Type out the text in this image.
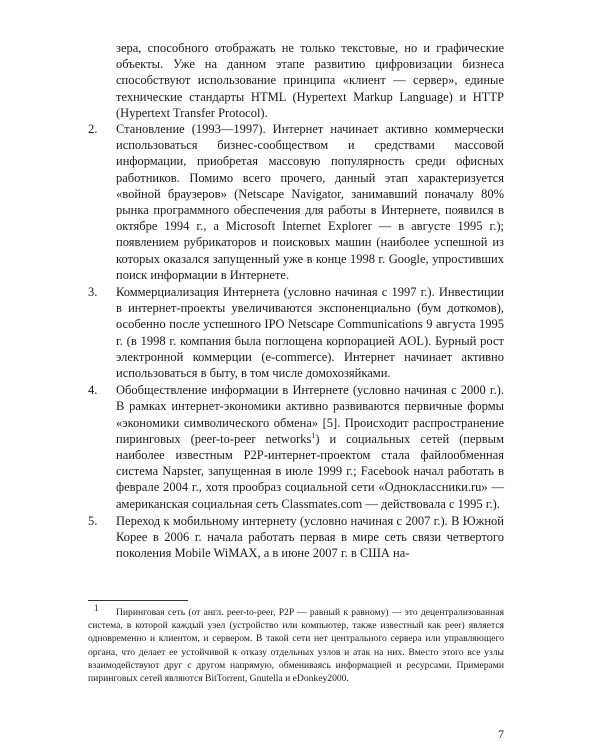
зера, способного отображать не только текстовые, но и графические объекты. Уже на данном этапе развитию цифровизации бизнеса способствуют использование принципа «клиент — сервер», единые технические стандарты HTML (Hypertext Markup Language) и HTTP (Hypertext Transfer Protocol).

2.	Становление (1993—1997). Интернет начинает активно коммерчески использоваться бизнес-сообществом и средствами массовой информации, приобретая массовую популярность среди офисных работников. Помимо всего прочего, данный этап характеризуется «войной браузеров» (Netscape Navigator, занимавший поначалу 80% рынка программного обеспечения для работы в Интернете, появился в октябре 1994 г., а Microsoft Internet Explorer — в августе 1995 г.); появлением рубрикаторов и поисковых машин (наиболее успешной из которых оказался запущенный уже в конце 1998 г. Google, упростивших поиск информации в Интернете.
3.	Коммерциализация Интернета (условно начиная с 1997 г.). Инвестиции в интернет-проекты увеличиваются экспоненциально (бум доткомов), особенно после успешного IPO Netscape Communications 9 августа 1995 г. (в 1998 г. компания была поглощена корпорацией AOL). Бурный рост электронной коммерции (e-commerce). Интернет начинает активно использоваться в быту, в том числе домохозяйками.
4.	Обобществление информации в Интернете (условно начиная с 2000 г.). В рамках интернет-экономики активно развиваются первичные формы «экономики символического обмена» [5]. Происходит распространение пиринговых (peer-to-peer networks$^1$) и социальных сетей (первым наиболее известным P2P-интернет-проектом стала файлообменная система Napster, запущенная в июле 1999 г.; Facebook начал работать в феврале 2004 г., хотя прообраз социальной сети «Одноклассники.ru» — американская социальная сеть Classmates.com — действовала с 1995 г.).
5.	Переход к мобильному интернету (условно начиная с 2007 г.). В Южной Корее в 2006 г. начала работать первая в мире сеть связи четвертого поколения Mobile WiMAX, а в июне 2007 г. в США на-
$^1$ Пиринговая сеть (от англ. peer-to-peer, P2P — равный к равному) — это децентрализованная система, в которой каждый узел (устройство или компьютер, также известный как peer) является одновременно и клиентом, и сервером. В такой сети нет центрального сервера или управляющего органа, что делает ее устойчивой к отказу отдельных узлов и атак на них. Вместо этого все узлы взаимодействуют друг с другом напрямую, обмениваясь информацией и ресурсами. Примерами пиринговых сетей являются BitTorrent, Gnutella и eDonkey2000.
7
